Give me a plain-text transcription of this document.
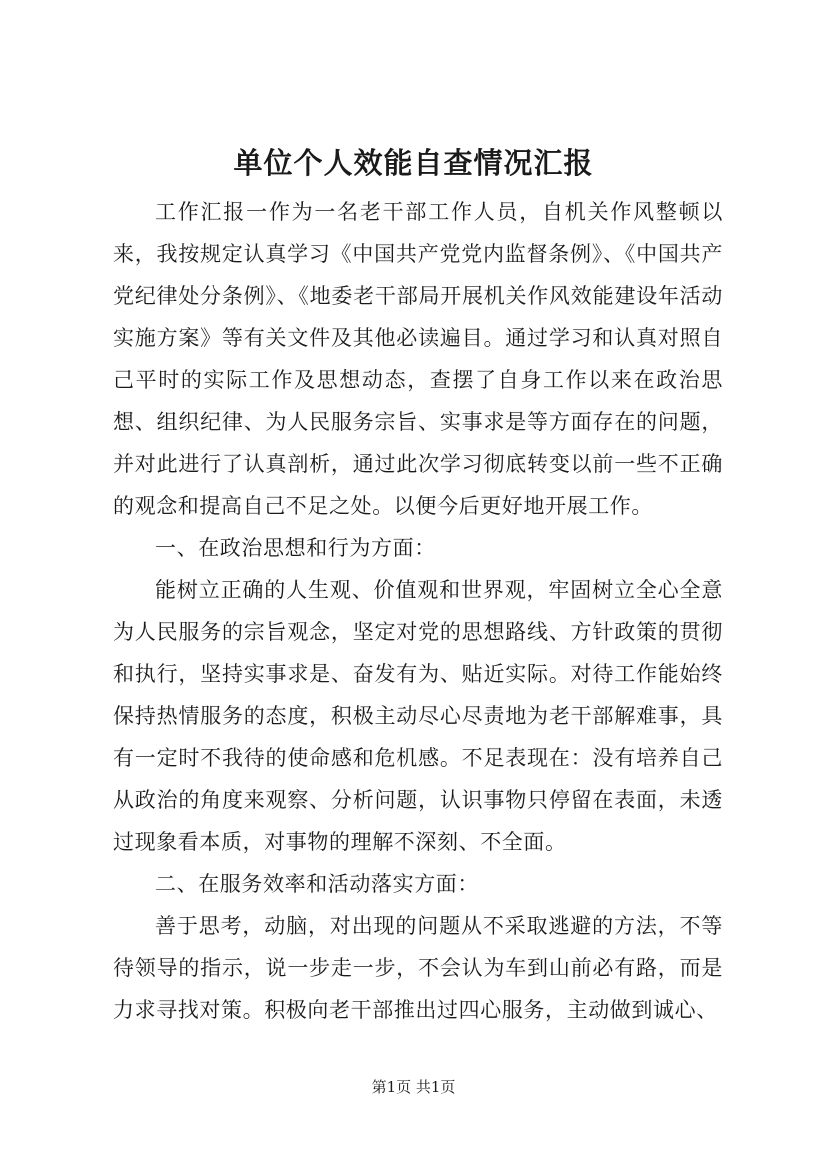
单位个人效能自查情况汇报

工作汇报一作为一名老干部工作人员，自机关作风整顿以来，我按规定认真学习《中国共产党党内监督条例》、《中国共产党纪律处分条例》、《地委老干部局开展机关作风效能建设年活动实施方案》等有关文件及其他必读遍目。通过学习和认真对照自己平时的实际工作及思想动态，查摆了自身工作以来在政治思想、组织纪律、为人民服务宗旨、实事求是等方面存在的问题，并对此进行了认真剖析，通过此次学习彻底转变以前一些不正确的观念和提高自己不足之处。以便今后更好地开展工作。

一、在政治思想和行为方面：

能树立正确的人生观、价值观和世界观，牢固树立全心全意为人民服务的宗旨观念，坚定对党的思想路线、方针政策的贯彻和执行，坚持实事求是、奋发有为、贴近实际。对待工作能始终保持热情服务的态度，积极主动尽心尽责地为老干部解难事，具有一定时不我待的使命感和危机感。不足表现在：没有培养自己从政治的角度来观察、分析问题，认识事物只停留在表面，未透过现象看本质，对事物的理解不深刻、不全面。

二、在服务效率和活动落实方面：

善于思考，动脑，对出现的问题从不采取逃避的方法，不等待领导的指示，说一步走一步，不会认为车到山前必有路，而是力求寻找对策。积极向老干部推出过四心服务，主动做到诚心、

第1页 共1页
